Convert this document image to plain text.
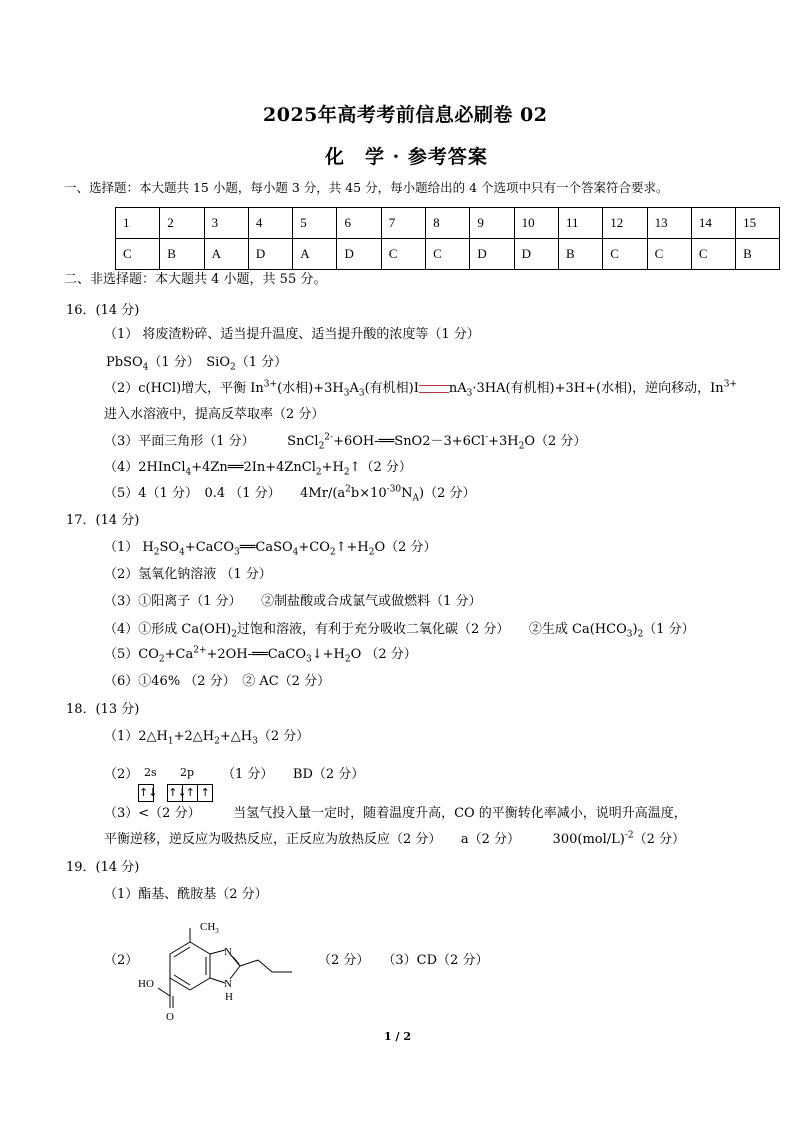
2025年高考考前信息必刷卷 02
化　学 · 参考答案
一、选择题：本大题共 15 小题，每小题 3 分，共 45 分，每小题给出的 4 个选项中只有一个答案符合要求。
1	2	3	4	5	6	7	8	9	10	11	12	13	14	15
C	B	A	D	A	D	C	C	D	D	B	C	C	C	B
二、非选择题：本大题共 4 小题，共 55 分。
16．(14 分)
（1） 将废渣粉碎、适当提升温度、适当提升酸的浓度等（1 分）
PbSO$_4$（1 分）　SiO$_2$（1 分）
（2）c(HCl)增大，平衡 $In^{3+}$(水相)$+3H_3A_3$(有机相)I $nA_3\cdot 3HA$(有机相)+3H+(水相)，逆向移动，$In^{3+}$
进入水溶液中，提高反萃取率（2 分）
（3）平面三角形（1 分）　　　$SnCl_2^{2-}+6OH-══SnO2-3+6Cl^-+3H_2O(2$ 分）
$(4)2HInCl_4+4Zn══2In+4ZnCl_2+H_2↑(2$ 分）
（5）4（1 分）　0.4 （1 分）　　$4Mr/(a^2b\times 10^{-30}N_A)(2$ 分）
17．(14 分)
（1） $H_2SO_4+CaCO_3══CaSO_4+CO_2↑+H_2O(2$ 分）
（2）氢氧化钠溶液 （1 分）
（3）①阳离子（1 分）　　②制盐酸或合成氯气或做燃料（1 分）
（4）①形成 $Ca(OH)_2$过饱和溶液，有利于充分吸收二氧化碳（2 分）　　②生成 $Ca(HCO_3)_2(1$ 分）
$(5)CO_2+Ca^{2+}+2OH-══CaCO_3↓+H_2O$ （2 分）
（6）①46% （2 分）　② AC（2 分）
18．(13 分)
$(1)2\triangle H_1+2\triangle H_2+\triangle H_3(2$ 分）
（2） 2s 2p
↑↓ ↑↓↑ ↑
（1 分）　　BD（2 分）
（3）<（2 分）　　　当氢气投入量一定时，随着温度升高，CO 的平衡转化率减小，说明升高温度，
平衡逆移，逆反应为吸热反应，正反应为放热反应（2 分）　　a（2 分）　　　$300(mol/L)^{-2}(2$ 分）
19．(14 分)
（1）酯基、酰胺基（2 分）
（2）
$CH_3$
N
N
H
HO
O
（2 分）　　（3）CD（2 分）
1 / 2
